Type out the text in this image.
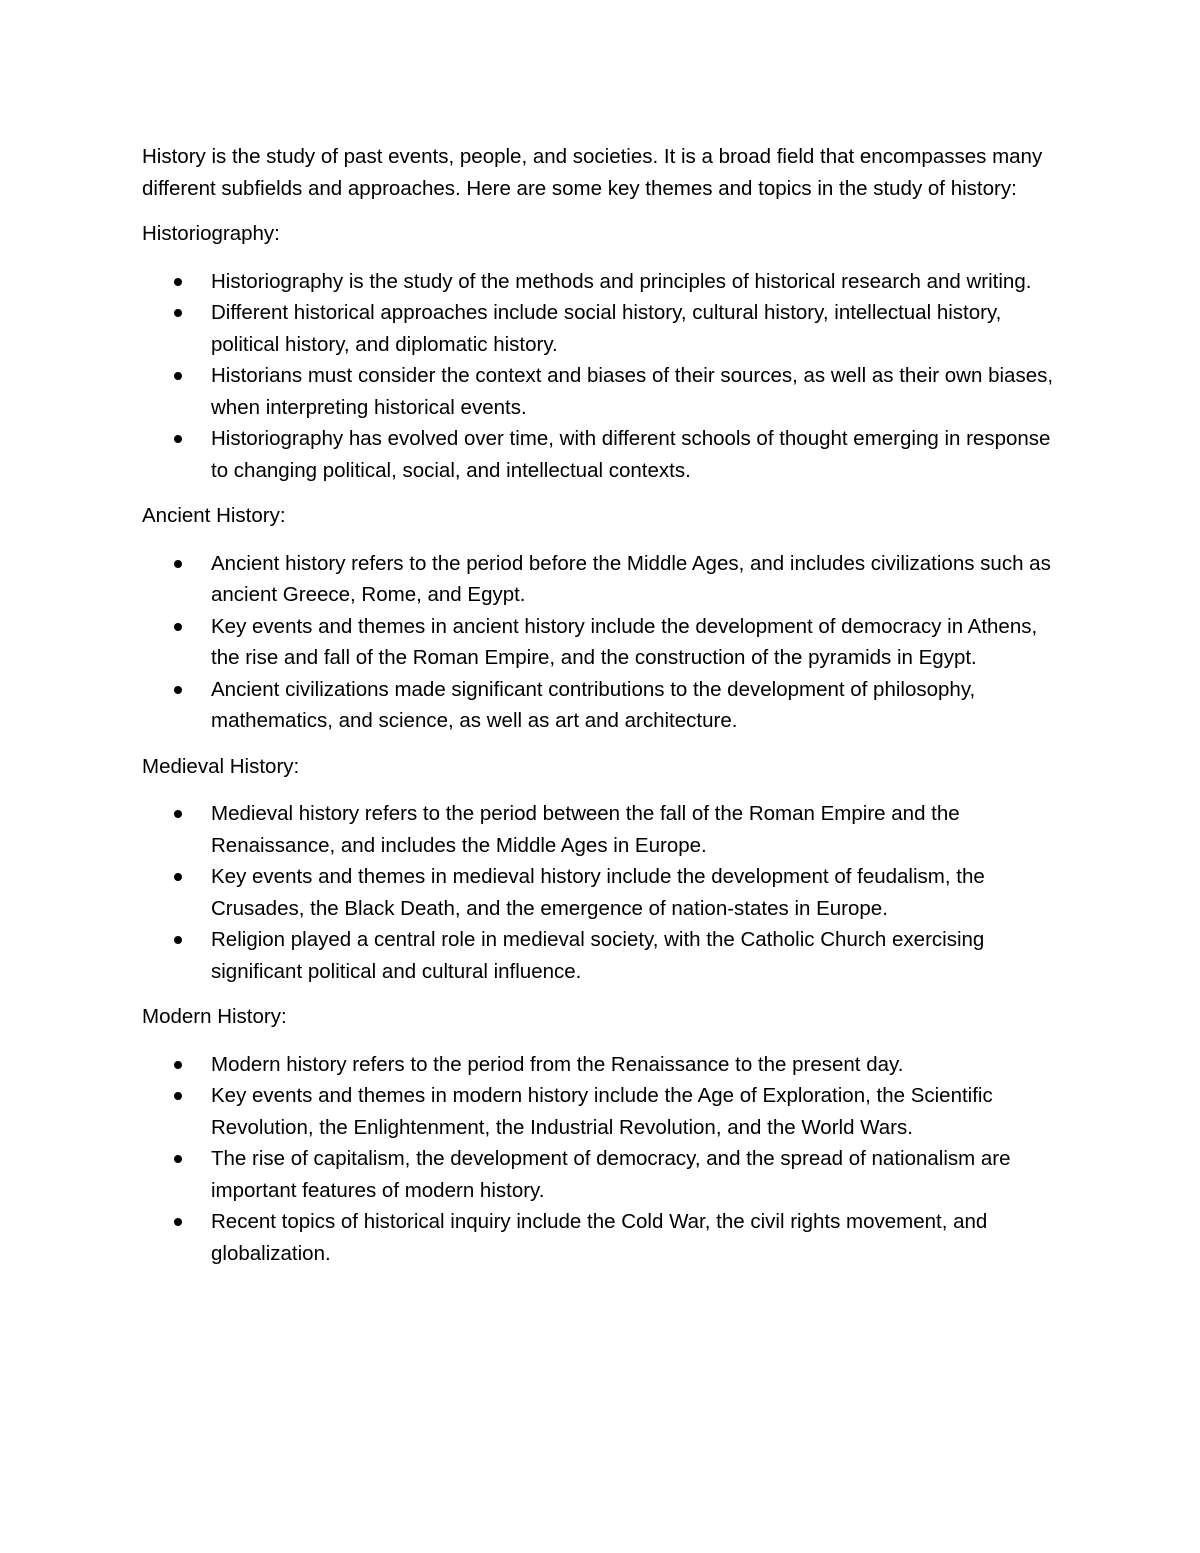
History is the study of past events, people, and societies. It is a broad field that encompasses many different subfields and approaches. Here are some key themes and topics in the study of history:

Historiography:

Historiography is the study of the methods and principles of historical research and writing.
Different historical approaches include social history, cultural history, intellectual history, political history, and diplomatic history.
Historians must consider the context and biases of their sources, as well as their own biases, when interpreting historical events.
Historiography has evolved over time, with different schools of thought emerging in response to changing political, social, and intellectual contexts.

Ancient History:

Ancient history refers to the period before the Middle Ages, and includes civilizations such as ancient Greece, Rome, and Egypt.
Key events and themes in ancient history include the development of democracy in Athens, the rise and fall of the Roman Empire, and the construction of the pyramids in Egypt.
Ancient civilizations made significant contributions to the development of philosophy, mathematics, and science, as well as art and architecture.

Medieval History:

Medieval history refers to the period between the fall of the Roman Empire and the Renaissance, and includes the Middle Ages in Europe.
Key events and themes in medieval history include the development of feudalism, the Crusades, the Black Death, and the emergence of nation-states in Europe.
Religion played a central role in medieval society, with the Catholic Church exercising significant political and cultural influence.

Modern History:

Modern history refers to the period from the Renaissance to the present day.
Key events and themes in modern history include the Age of Exploration, the Scientific Revolution, the Enlightenment, the Industrial Revolution, and the World Wars.
The rise of capitalism, the development of democracy, and the spread of nationalism are important features of modern history.
Recent topics of historical inquiry include the Cold War, the civil rights movement, and globalization.
